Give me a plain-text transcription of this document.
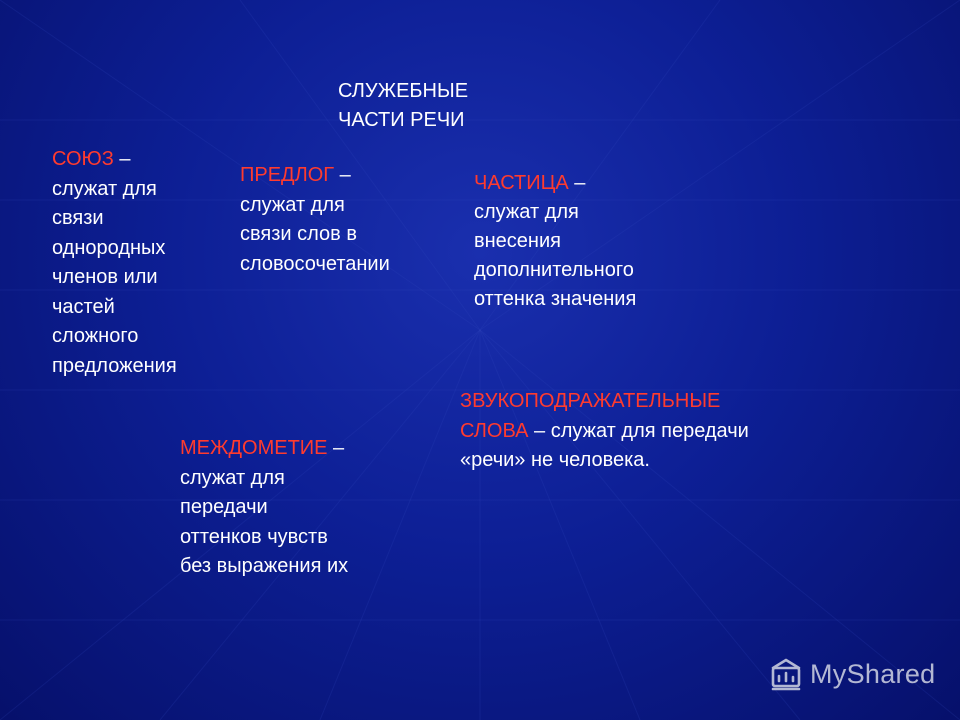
СЛУЖЕБНЫЕ
ЧАСТИ РЕЧИ
СОЮЗ –
служат для
связи
однородных
членов или
частей
сложного
предложения
ПРЕДЛОГ –
служат для
связи слов в
словосочетании
ЧАСТИЦА –
служат для
внесения
дополнительного
оттенка значения
ЗВУКОПОДРАЖАТЕЛЬНЫЕ
СЛОВА – служат для передачи
«речи» не человека.
МЕЖДОМЕТИЕ –
служат для
передачи
оттенков чувств
без выражения их
MyShared
